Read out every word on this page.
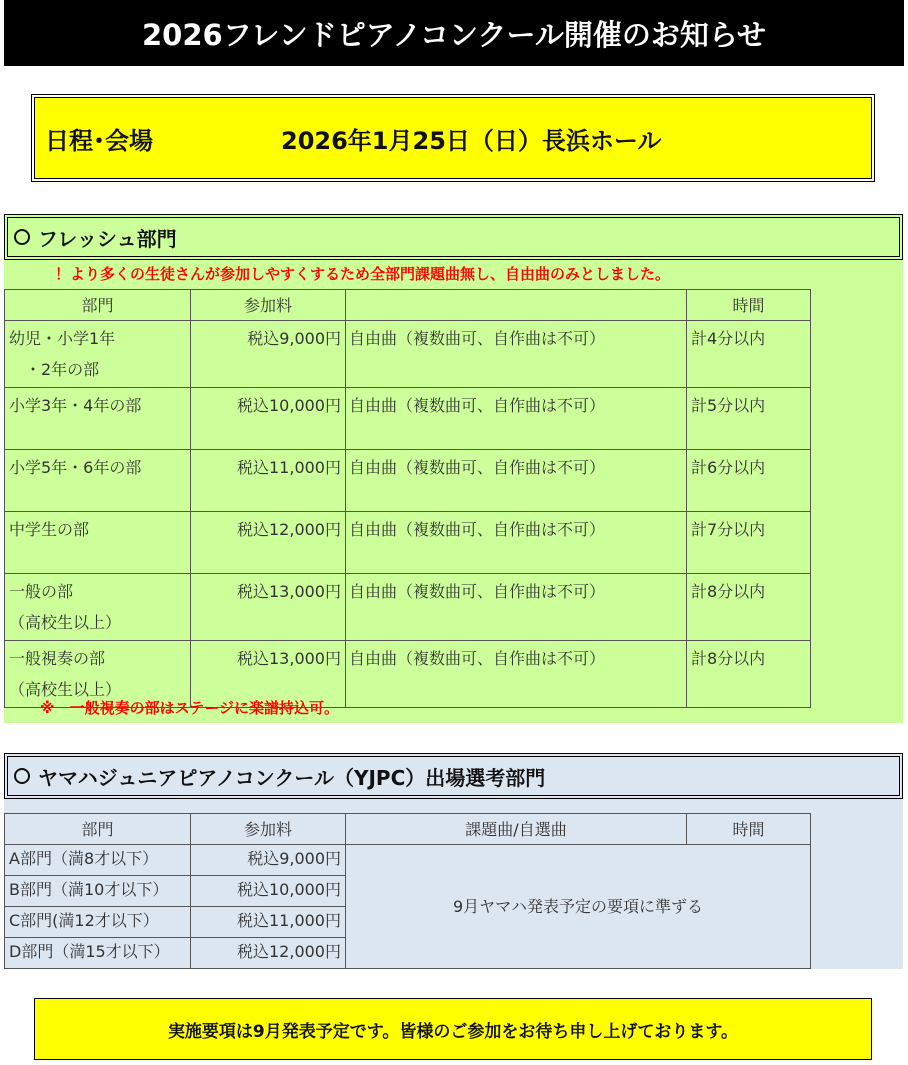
2026フレンドピアノコンクール開催のお知らせ
日程･会場	2026年1月25日（日）長浜ホール
フレッシュ部門
！より多くの生徒さんが参加しやすくするため全部門課題曲無し、自由曲のみとしました。
部門	参加料		時間

幼児・小学1年
　・2年の部	税込9,000円	自由曲（複数曲可、自作曲は不可）	計4分以内

小学3年・4年の部	税込10,000円	自由曲（複数曲可、自作曲は不可）	計5分以内

小学5年・6年の部	税込11,000円	自由曲（複数曲可、自作曲は不可）	計6分以内

中学生の部	税込12,000円	自由曲（複数曲可、自作曲は不可）	計7分以内

一般の部
（高校生以上）	税込13,000円	自由曲（複数曲可、自作曲は不可）	計8分以内

一般視奏の部
（高校生以上）	税込13,000円	自由曲（複数曲可、自作曲は不可）	計8分以内
※　一般視奏の部はステージに楽譜持込可。
ヤマハジュニアピアノコンクール（YJPC）出場選考部門
部門	参加料	課題曲/自選曲	時間
A部門（満8才以下）	税込9,000円	9月ヤマハ発表予定の要項に準ずる	
B部門（満10才以下）	税込10,000円		
C部門(満12才以下）	税込11,000円		
D部門（満15才以下）	税込12,000円		
実施要項は9月発表予定です。皆様のご参加をお待ち申し上げております。
